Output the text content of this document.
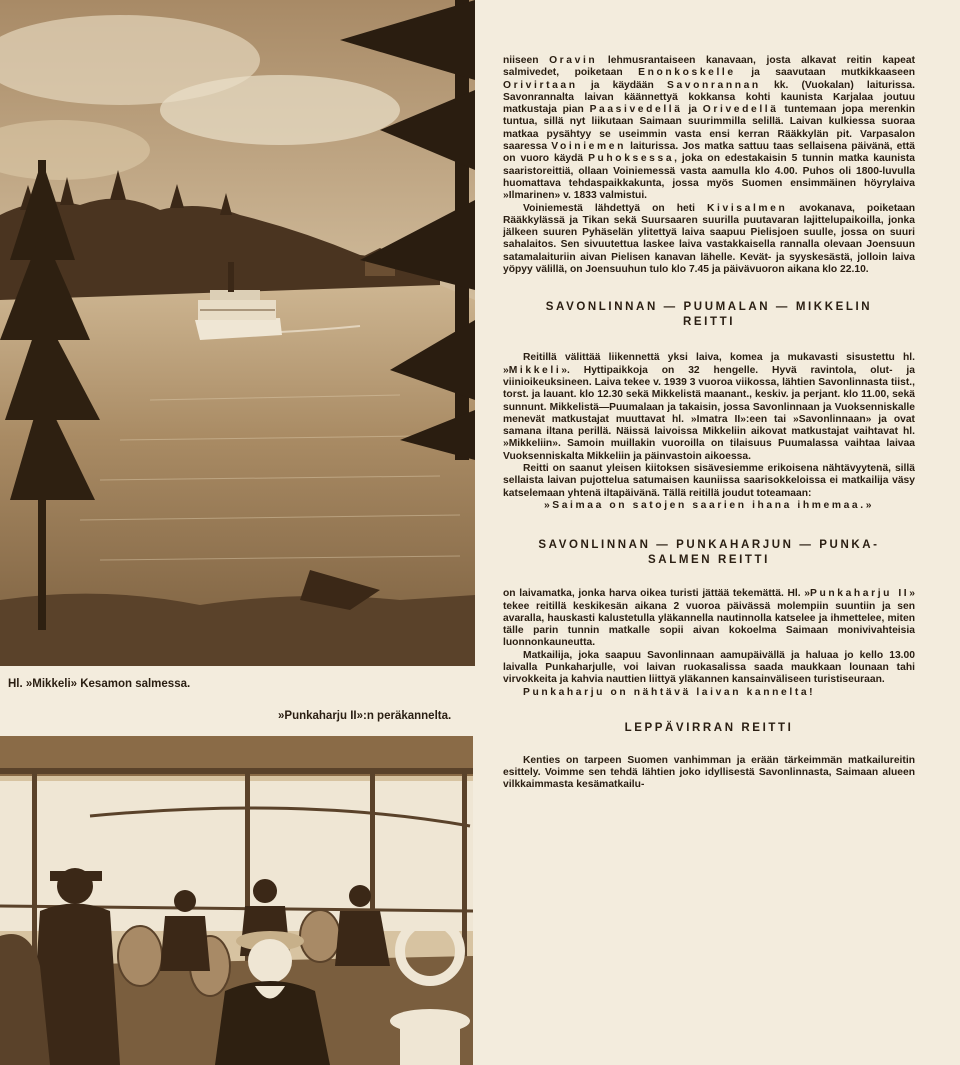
Hl. »Mikkeli» Kesamon salmessa.
»Punkaharju II»:n peräkannelta.

niiseen Oravin lehmusrantaiseen kanavaan, josta alkavat reitin kapeat salmivedet, poiketaan Enonkoskelle ja saavutaan mutkikkaaseen Orivirtaan ja käydään Savonrannan kk. (Vuokalan) laiturissa. Savonrannalta laivan käännettyä kokkansa kohti kaunista Karjalaa joutuu matkustaja pian Paasivedellä ja Orivedellä tuntemaan jopa merenkin tuntua, sillä nyt liikutaan Saimaan suurimmilla selillä. Laivan kulkiessa suoraa matkaa pysähtyy se useimmin vasta ensi kerran Rääkkylän pit. Varpasalon saaressa Voiniemen laiturissa. Jos matka sattuu taas sellaisena päivänä, että on vuoro käydä Puhoksessa, joka on edestakaisin 5 tunnin matka kaunista saaristoreittiä, ollaan Voiniemessä vasta aamulla klo 4.00. Puhos oli 1800-luvulla huomattava tehdaspaikkakunta, jossa myös Suomen ensimmäinen höyrylaiva »Ilmarinen» v. 1833 valmistui.

Voiniemestä lähdettyä on heti Kivisalmen avokanava, poiketaan Rääkkylässä ja Tikan sekä Suursaaren suurilla puutavaran lajittelupaikoilla, jonka jälkeen suuren Pyhäselän ylitettyä laiva saapuu Pielisjoen suulle, jossa on suuri sahalaitos. Sen sivuutettua laskee laiva vastakkaisella rannalla olevaan Joensuun satamalaituriin aivan Pielisen kanavan lähelle. Kevät- ja syyskesästä, jolloin laiva yöpyy välillä, on Joensuuhun tulo klo 7.45 ja päivävuoron aikana klo 22.10.

SAVONLINNAN — PUUMALAN — MIKKELIN
REITTI

Reitillä välittää liikennettä yksi laiva, komea ja mukavasti sisustettu hl. »Mikkeli». Hyttipaikkoja on 32 hengelle. Hyvä ravintola, olut- ja viinioikeuksineen. Laiva tekee v. 1939 3 vuoroa viikossa, lähtien Savonlinnasta tiist., torst. ja lauant. klo 12.30 sekä Mikkelistä maanant., keskiv. ja perjant. klo 11.00, sekä sunnunt. Mikkelistä—Puumalaan ja takaisin, jossa Savonlinnaan ja Vuoksenniskalle menevät matkustajat muuttavat hl. »Imatra II»:een tai »Savonlinnaan» ja ovat samana iltana perillä. Näissä laivoissa Mikkeliin aikovat matkustajat vaihtavat hl. »Mikkeliin». Samoin muillakin vuoroilla on tilaisuus Puumalassa vaihtaa laivaa Vuoksenniskalta Mikkeliin ja päinvastoin aikoessa.

Reitti on saanut yleisen kiitoksen sisävesiemme erikoisena nähtävyytenä, sillä sellaista laivan pujottelua satumaisen kauniissa saarisokkeloissa ei matkailija väsy katselemaan yhtenä iltapäivänä. Tällä reitillä joudut toteamaan:

»Saimaa on satojen saarien ihana ihmemaa.»

SAVONLINNAN — PUNKAHARJUN — PUNKA-
SALMEN REITTI

on laivamatka, jonka harva oikea turisti jättää tekemättä. Hl. »Punkaharju II» tekee reitillä keskikesän aikana 2 vuoroa päivässä molempiin suuntiin ja sen avaralla, hauskasti kalustetulla yläkannella nautinnolla katselee ja ihmettelee, miten tälle parin tunnin matkalle sopii aivan kokoelma Saimaan monivivahteisia luonnonkauneutta.

Matkailija, joka saapuu Savonlinnaan aamupäivällä ja haluaa jo kello 13.00 laivalla Punkaharjulle, voi laivan ruokasalissa saada maukkaan lounaan tahi virvokkeita ja kahvia nauttien liittyä yläkannen kansainväliseen turistiseuraan.

Punkaharju on nähtävä laivan kannelta!

LEPPÄVIRRAN REITTI

Kenties on tarpeen Suomen vanhimman ja erään tärkeimmän matkailureitin esittely. Voimme sen tehdä lähtien joko idyllisestä Savonlinnasta, Saimaan alueen vilkkaimmasta kesämatkailu-
